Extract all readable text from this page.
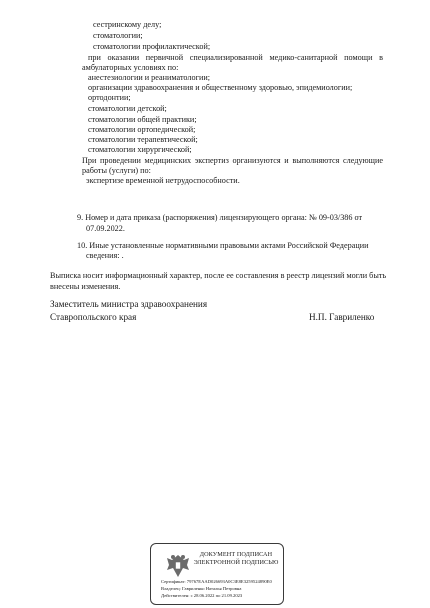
сестринскому делу;
стоматологии;
стоматологии профилактической;
при оказании первичной специализированной медико-санитарной помощи в
амбулаторных условиях по:
анестезиологии и реаниматологии;
организации здравоохранения и общественному здоровью, эпидемиологии;
ортодонтии;
стоматологии детской;
стоматологии общей практики;
стоматологии ортопедической;
стоматологии терапевтической;
стоматологии хирургической;
При проведении медицинских экспертиз организуются и выполняются следующие
работы (услуги) по:
экспертизе временной нетрудоспособности.
9. Номер и дата приказа (распоряжения) лицензирующего органа: № 09-03/386 от
07.09.2022.
10. Иные установленные нормативными правовыми актами Российской Федерации
сведения: .
Выписка носит информационный характер, после ее составления в реестр лицензий могли быть
внесены изменения.
Заместитель министра здравоохранения
Ставропольского края	Н.П. Гавриленко
ДОКУМЕНТ ПОДПИСАН
ЭЛЕКТРОННОЙ ПОДПИСЬЮ
Сертификат: 79767EAAD026693A0C3E8E3259524890E0
Владелец: Гавриленко Наталья Петровна
Действителен: с 28.06.2022 по 21.09.2023
